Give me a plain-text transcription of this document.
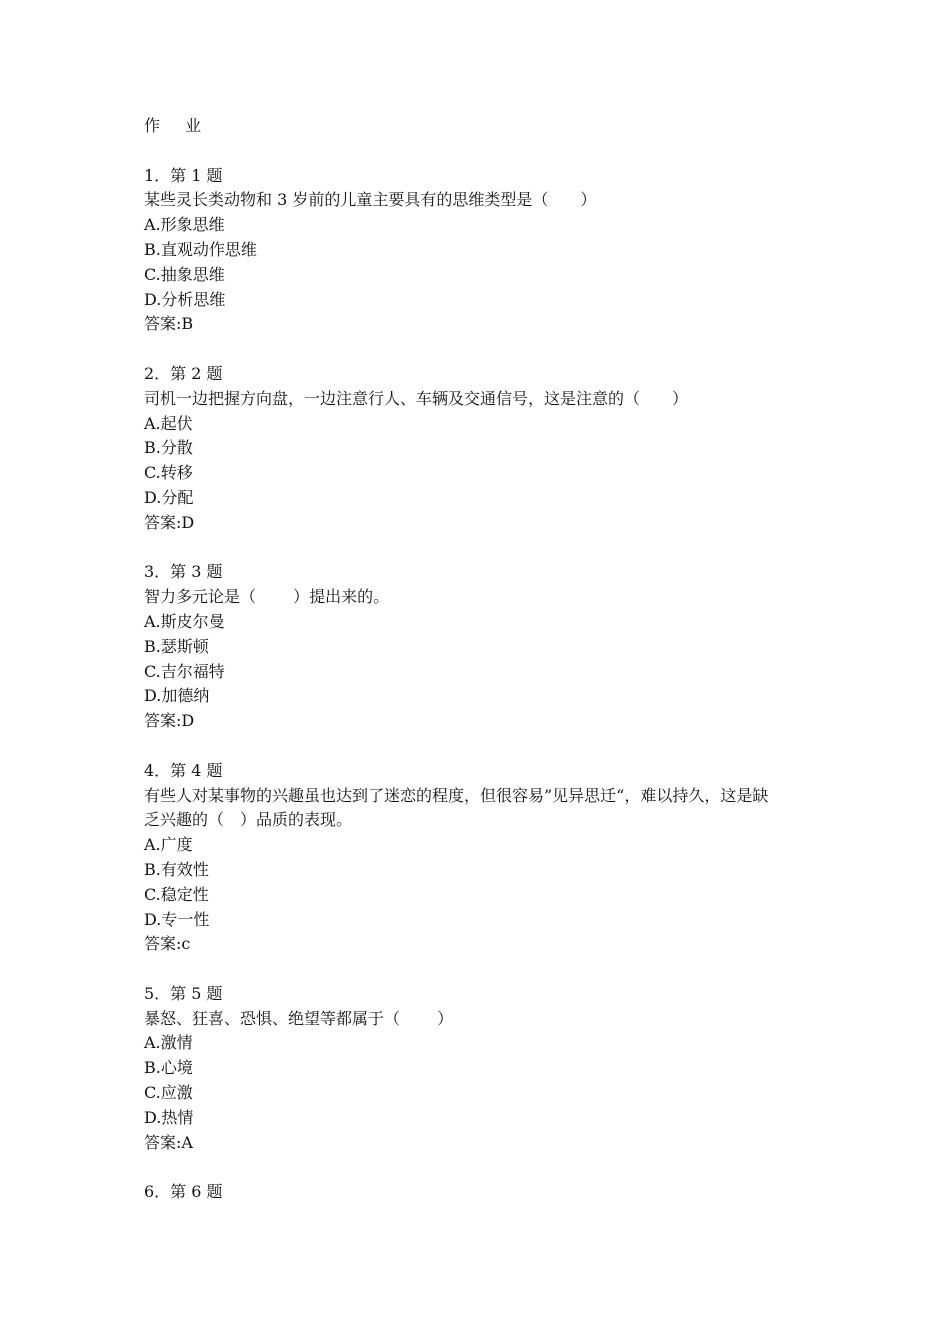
作 业
1．第 1 题
某些灵长类动物和 3 岁前的儿童主要具有的思维类型是（　　）
A.形象思维
B.直观动作思维
C.抽象思维
D.分析思维
答案:B
2．第 2 题
司机一边把握方向盘，一边注意行人、车辆及交通信号，这是注意的（　　）
A.起伏
B.分散
C.转移
D.分配
答案:D
3．第 3 题
智力多元论是（　　 ）提出来的。
A.斯皮尔曼
B.瑟斯顿
C.吉尔福特
D.加德纳
答案:D
4．第 4 题
有些人对某事物的兴趣虽也达到了迷恋的程度，但很容易”见异思迁“，难以持久，这是缺
乏兴趣的（　）品质的表现。
A.广度
B.有效性
C.稳定性
D.专一性
答案:c
5．第 5 题
暴怒、狂喜、恐惧、绝望等都属于（　　 ）
A.激情
B.心境
C.应激
D.热情
答案:A
6．第 6 题
